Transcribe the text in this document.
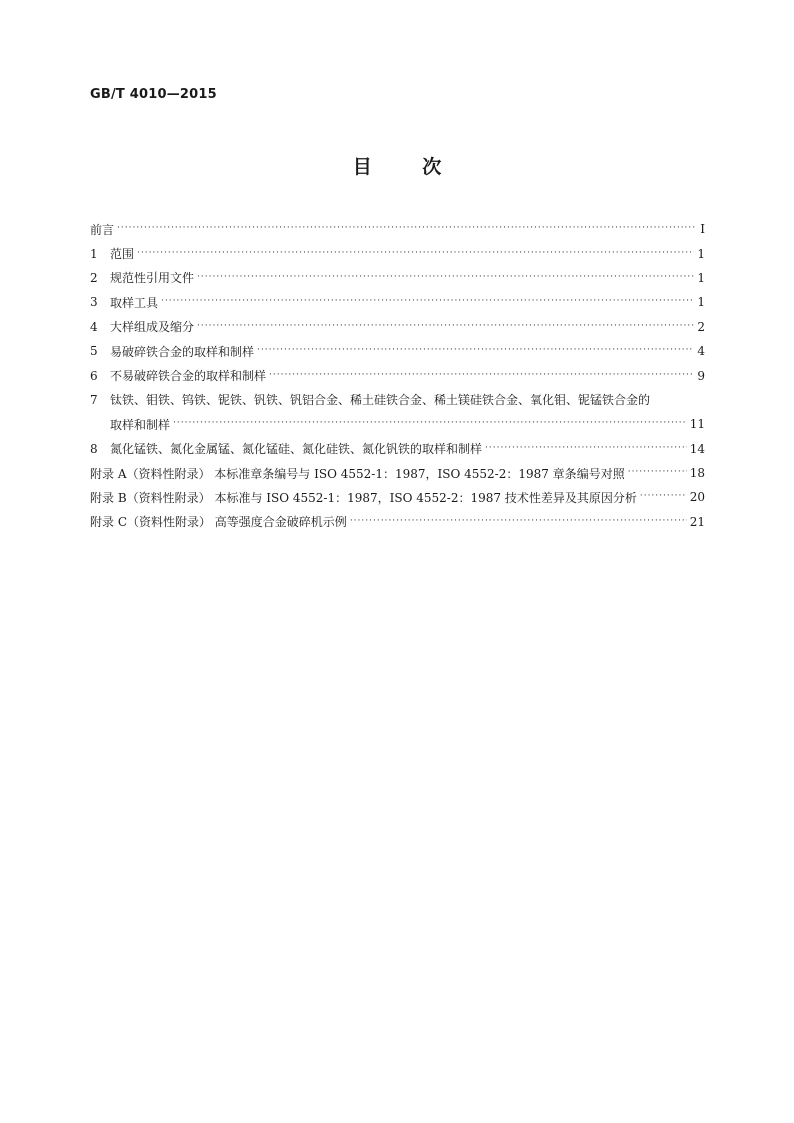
GB/T 4010—2015
目 次
前言 ·····	Ⅰ
1	范围 ·····	1
2	规范性引用文件 ·····	1
3	取样工具 ·····	1
4	大样组成及缩分 ·····	2
5	易破碎铁合金的取样和制样 ·····	4
6	不易破碎铁合金的取样和制样 ·····	9
7	钛铁、钼铁、钨铁、铌铁、钒铁、钒铝合金、稀土硅铁合金、稀土镁硅铁合金、氧化钼、铌锰铁合金的
取样和制样 ·····	11
8	氮化锰铁、氮化金属锰、氮化锰硅、氮化硅铁、氮化钒铁的取样和制样 ·····	14
附录 A（资料性附录） 本标准章条编号与 ISO 4552-1：1987，ISO 4552-2：1987 章条编号对照 ·····	18
附录 B（资料性附录） 本标准与 ISO 4552-1：1987，ISO 4552-2：1987 技术性差异及其原因分析 ·····	20
附录 C（资料性附录） 高等强度合金破碎机示例 ·····	21
